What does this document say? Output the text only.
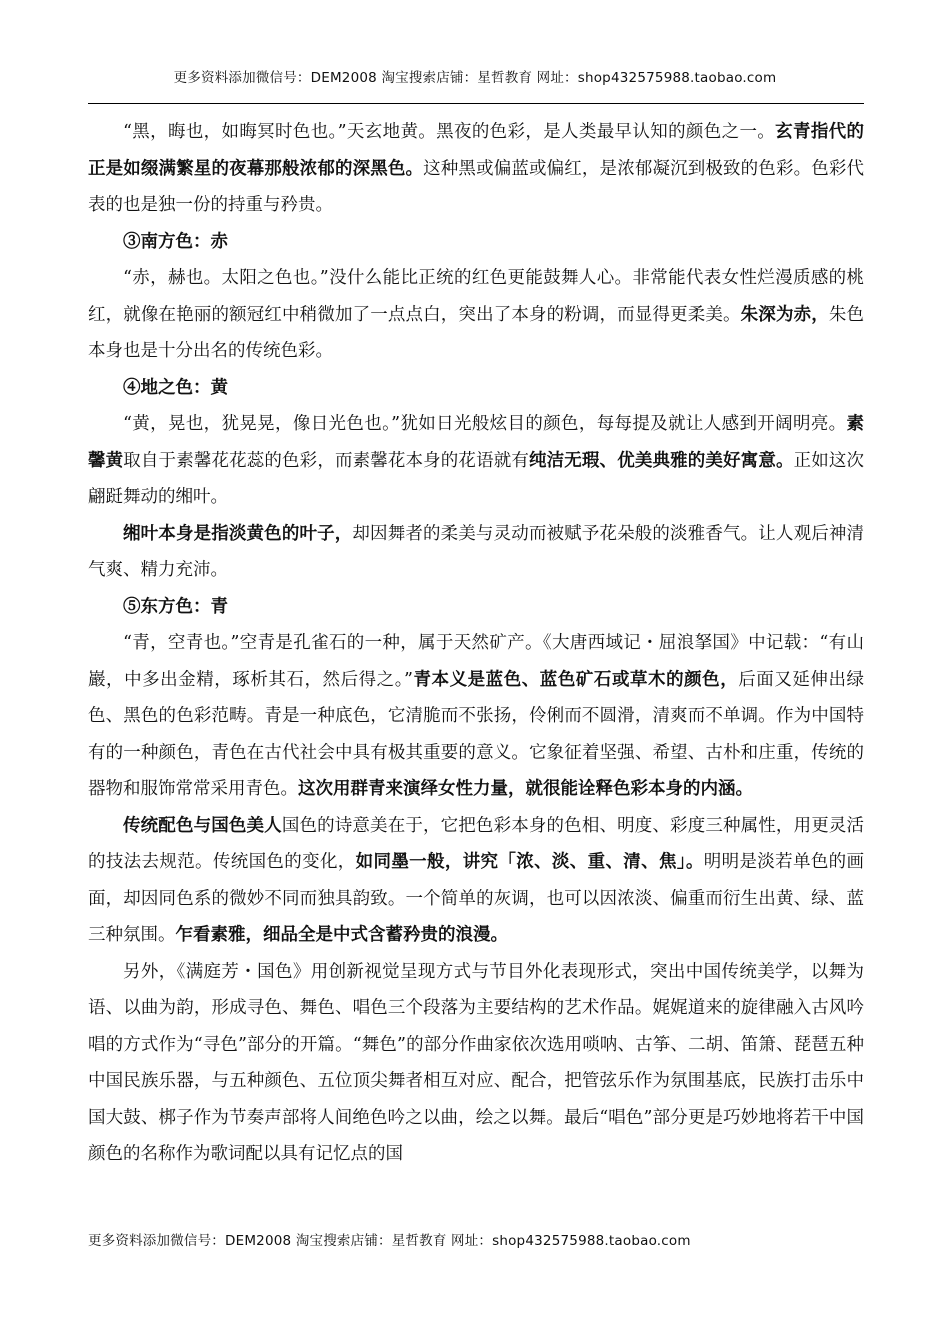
更多资料添加微信号：DEM2008 淘宝搜索店铺：星哲教育 网址：shop432575988.taobao.com

“黑，晦也，如晦冥时色也。”天玄地黄。黑夜的色彩，是人类最早认知的颜色之一。玄青指代的正是如缀满繁星的夜幕那般浓郁的深黑色。这种黑或偏蓝或偏红，是浓郁凝沉到极致的色彩。色彩代表的也是独一份的持重与矜贵。

③南方色：赤

“赤，赫也。太阳之色也。”没什么能比正统的红色更能鼓舞人心。非常能代表女性烂漫质感的桃红，就像在艳丽的额冠红中稍微加了一点点白，突出了本身的粉调，而显得更柔美。朱深为赤，朱色本身也是十分出名的传统色彩。

④地之色：黄

“黄，晃也，犹晃晃，像日光色也。”犹如日光般炫目的颜色，每每提及就让人感到开阔明亮。素馨黄取自于素馨花花蕊的色彩，而素馨花本身的花语就有纯洁无瑕、优美典雅的美好寓意。正如这次翩跹舞动的缃叶。

缃叶本身是指淡黄色的叶子，却因舞者的柔美与灵动而被赋予花朵般的淡雅香气。让人观后神清气爽、精力充沛。

⑤东方色：青

“青，空青也。”空青是孔雀石的一种，属于天然矿产。《大唐西域记・屈浪拏国》中记载：“有山巖，中多出金精，琢析其石，然后得之。”青本义是蓝色、蓝色矿石或草木的颜色，后面又延伸出绿色、黑色的色彩范畴。青是一种底色，它清脆而不张扬，伶俐而不圆滑，清爽而不单调。作为中国特有的一种颜色，青色在古代社会中具有极其重要的意义。它象征着坚强、希望、古朴和庄重，传统的器物和服饰常常采用青色。这次用群青来演绎女性力量，就很能诠释色彩本身的内涵。

传统配色与国色美人国色的诗意美在于，它把色彩本身的色相、明度、彩度三种属性，用更灵活的技法去规范。传统国色的变化，如同墨一般，讲究「浓、淡、重、清、焦」。明明是淡若单色的画面，却因同色系的微妙不同而独具韵致。一个简单的灰调，也可以因浓淡、偏重而衍生出黄、绿、蓝三种氛围。乍看素雅，细品全是中式含蓄矜贵的浪漫。

另外，《满庭芳・国色》用创新视觉呈现方式与节目外化表现形式，突出中国传统美学，以舞为语、以曲为韵，形成寻色、舞色、唱色三个段落为主要结构的艺术作品。娓娓道来的旋律融入古风吟唱的方式作为“寻色”部分的开篇。“舞色”的部分作曲家依次选用唢呐、古筝、二胡、笛箫、琵琶五种中国民族乐器，与五种颜色、五位顶尖舞者相互对应、配合，把管弦乐作为氛围基底，民族打击乐中国大鼓、梆子作为节奏声部将人间绝色吟之以曲，绘之以舞。最后“唱色”部分更是巧妙地将若干中国颜色的名称作为歌词配以具有记忆点的国

更多资料添加微信号：DEM2008 淘宝搜索店铺：星哲教育 网址：shop432575988.taobao.com
